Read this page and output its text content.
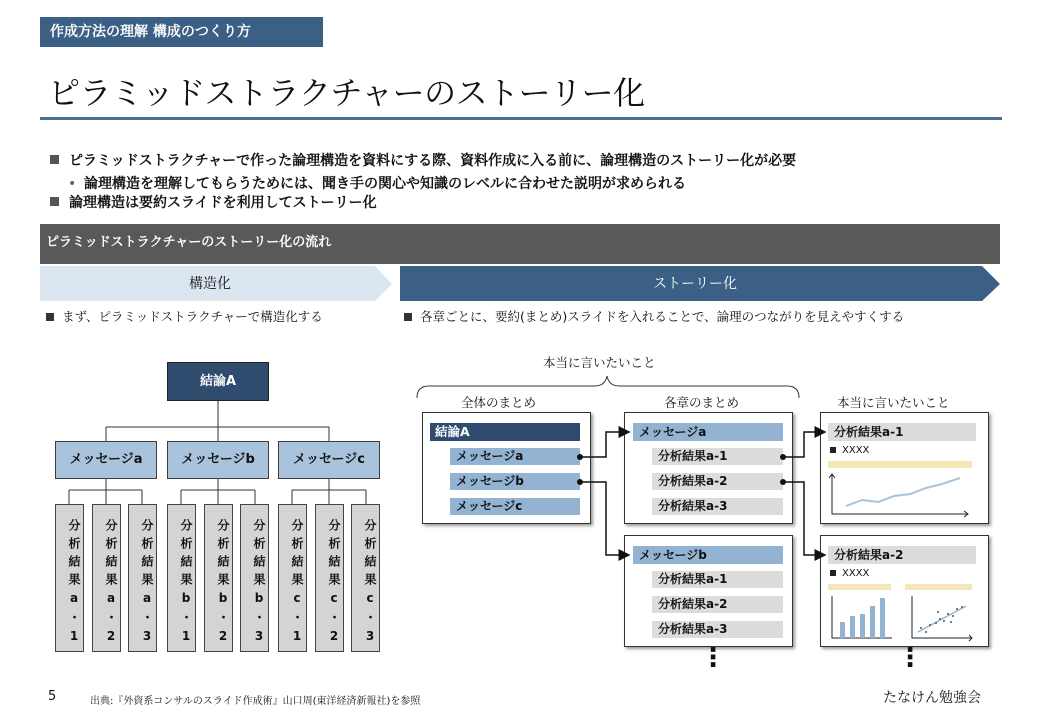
作成方法の理解 構成のつくり方
ピラミッドストラクチャーのストーリー化
ピラミッドストラクチャーで作った論理構造を資料にする際、資料作成に入る前に、論理構造のストーリー化が必要
• 論理構造を理解してもらうためには、聞き手の関心や知識のレベルに合わせた説明が求められる
論理構造は要約スライドを利用してストーリー化
ピラミッドストラクチャーのストーリー化の流れ
構造化	ストーリー化
まず、ピラミッドストラクチャーで構造化する	各章ごとに、要約(まとめ)スライドを入れることで、論理のつながりを見えやすくする
結論A
メッセージa	メッセージb	メッセージc
分析結果a・1	分析結果a・2	分析結果a・3	分析結果b・1	分析結果b・2	分析結果b・3	分析結果c・1	分析結果c・2	分析結果c・3
本当に言いたいこと
全体のまとめ	各章のまとめ	本当に言いたいこと
結論A
メッセージa
メッセージb
メッセージc
メッセージa
分析結果a-1
分析結果a-2
分析結果a-3
メッセージb
分析結果a-1
分析結果a-2
分析結果a-3
分析結果a-1
XXXX
分析結果a-2
XXXX
⋮	⋮
5	出典:『外資系コンサルのスライド作成術』山口周(東洋経済新報社)を参照	たなけん勉強会
